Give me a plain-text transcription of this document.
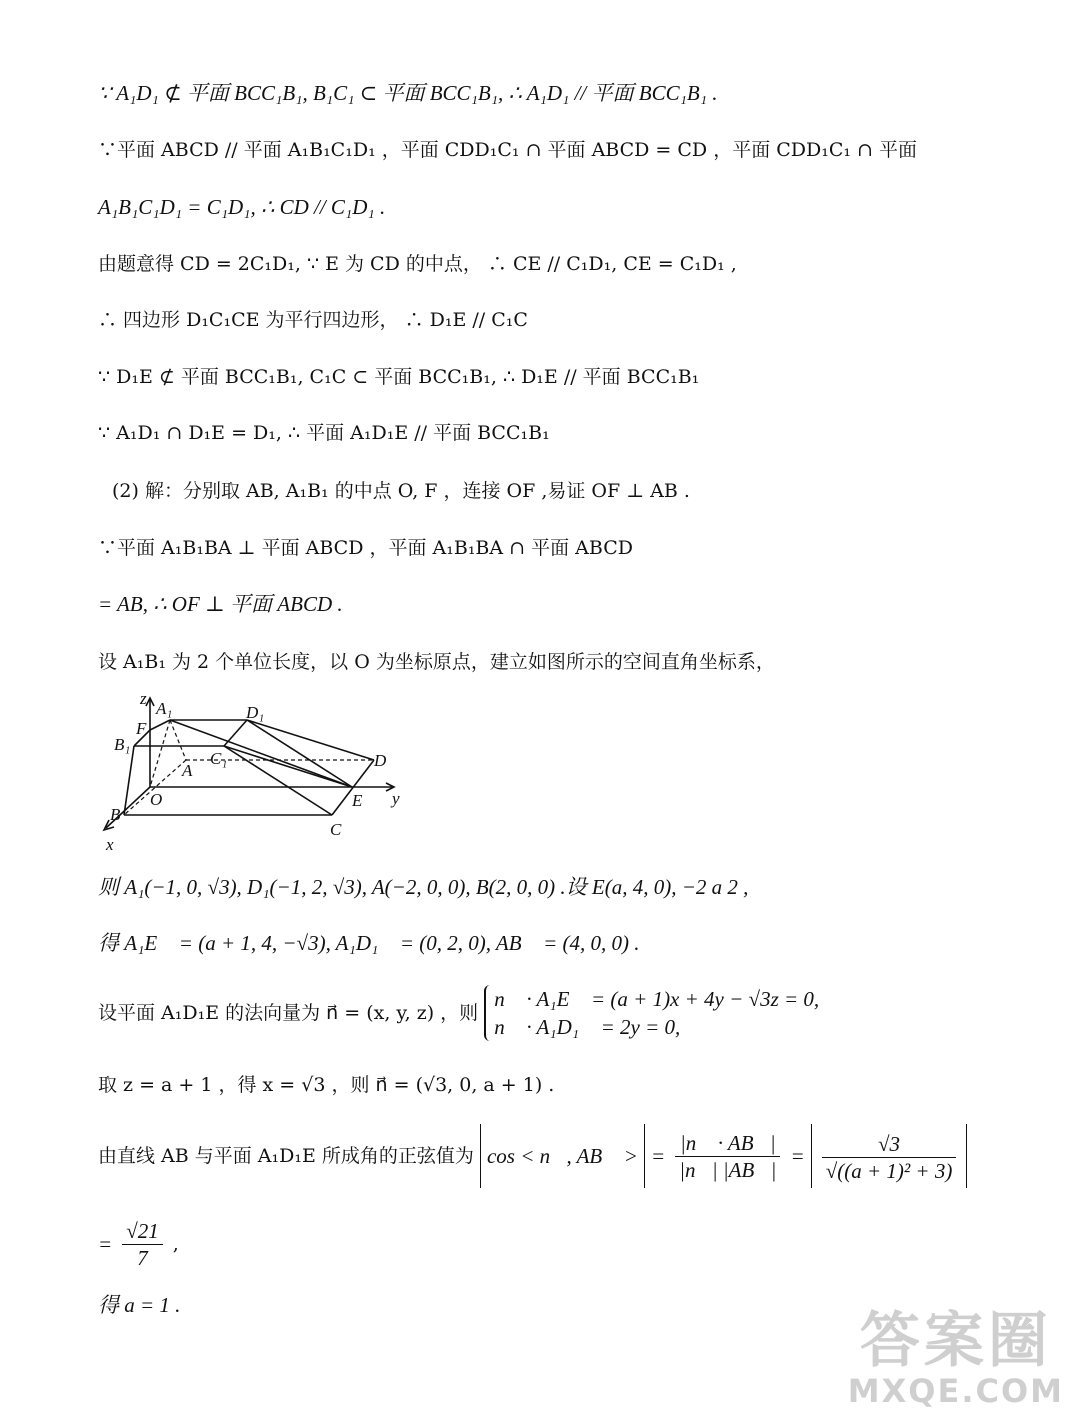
∵ A₁D₁ ⊄ 平面 BCC₁B₁, B₁C₁ ⊂ 平面 BCC₁B₁, ∴ A₁D₁ // 平面 BCC₁B₁ .
∵平面 ABCD // 平面 A₁B₁C₁D₁ ，平面 CDD₁C₁ ∩ 平面 ABCD = CD ，平面 CDD₁C₁ ∩ 平面
A₁B₁C₁D₁ = C₁D₁, ∴ CD // C₁D₁ .
由题意得 CD = 2C₁D₁, ∵ E 为 CD 的中点， ∴ CE // C₁D₁, CE = C₁D₁ ,
∴ 四边形 D₁C₁CE 为平行四边形， ∴ D₁E // C₁C
∵ D₁E ⊄ 平面 BCC₁B₁, C₁C ⊂ 平面 BCC₁B₁, ∴ D₁E // 平面 BCC₁B₁
∵ A₁D₁ ∩ D₁E = D₁, ∴ 平面 A₁D₁E // 平面 BCC₁B₁
(2) 解：分别取 AB, A₁B₁ 的中点 O, F ，连接 OF ,易证 OF ⊥ AB .
∵平面 A₁B₁BA ⊥ 平面 ABCD ，平面 A₁B₁BA ∩ 平面 ABCD
= AB, ∴ OF ⊥ 平面 ABCD .
设 A₁B₁ 为 2 个单位长度，以 O 为坐标原点，建立如图所示的空间直角坐标系，
z
A₁	D₁
F
B₁
C₁
A
D
O	E y
B
C
x
则 A₁(−1, 0, √3), D₁(−1, 2, √3), A(−2, 0, 0), B(2, 0, 0) .设 E(a, 4, 0), −2 a 2 ,
得 A₁E⃗ = (a + 1, 4, −√3), A₁D₁⃗ = (0, 2, 0), AB⃗ = (4, 0, 0) .
设平面 A₁D₁E 的法向量为 n⃗ = (x, y, z) ，则
n⃗ · A₁E⃗ = (a + 1)x + 4y − √3z = 0,
n⃗ · A₁D₁⃗ = 2y = 0,
取 z = a + 1 ，得 x = √3 ，则 n⃗ = (√3, 0, a + 1) .
由直线 AB 与平面 A₁D₁E 所成角的正弦值为 cos < n⃗, AB⃗ > = $\frac{|n⃗ \cdot AB⃗|}{|n⃗| |AB⃗|} = \frac{√3}{\text{√((a + 1)² + 3)}}$
= $\frac{√21}{7}$ ,
得 a = 1 .
答案圈
MXQE.COM
